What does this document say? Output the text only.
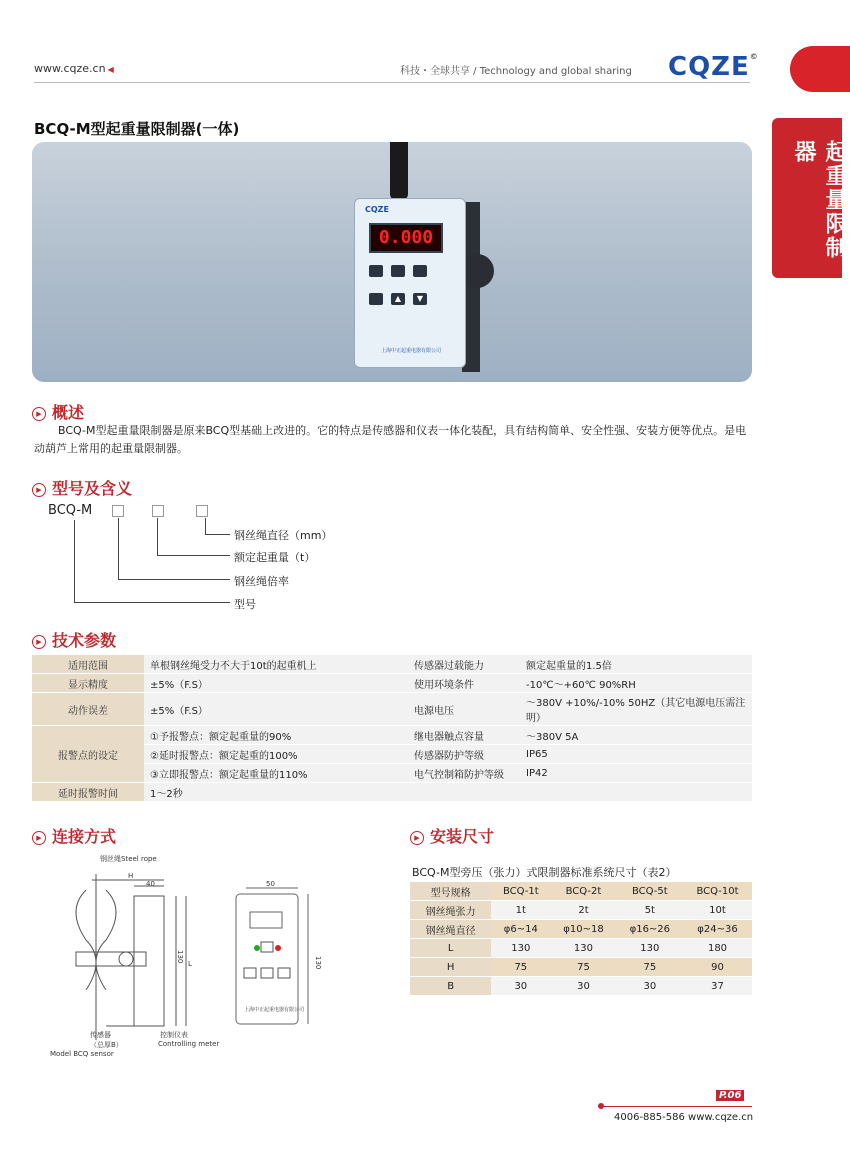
www.cqze.cn ◀	科技・全球共享 / Technology and global sharing CQZE©
起重量限制器
BCQ-M型起重量限制器(一体)
CQZE
0.000
▲	▼
上海中正起重电器有限公司
▶ 概述
BCQ-M型起重量限制器是原来BCQ型基础上改进的。它的特点是传感器和仪表一体化装配，具有结构简单、安全性强、安装方便等优点。是电动葫芦上常用的起重量限制器。
▶ 型号及含义
BCQ-M
钢丝绳直径（mm）
额定起重量（t）
钢丝绳倍率
型号
▶ 技术参数
适用范围	单根钢丝绳受力不大于10t的起重机上	传感器过载能力	额定起重量的1.5倍
显示精度	±5%（F.S）	使用环境条件	-10℃～+60℃ 90%RH
动作误差	±5%（F.S）	电源电压	～380V +10%/-10% 50HZ（其它电源电压需注明）
报警点的设定	①予报警点：额定起重量的90%	继电器触点容量	～380V 5A
	②延时报警点：额定起重的100%	传感器防护等级	IP65
	③立即报警点：额定起重量的110%	电气控制箱防护等级	IP42
延时报警时间	1～2秒		
▶ 连接方式
钢丝绳Steel rope
H
40
130
L
传感器
（总厚B）
Model BCQ sensor
控制仪表
Controlling meter
50
130
上海中正起重电器有限公司
▶ 安装尺寸
BCQ-M型旁压（张力）式限制器标准系统尺寸（表2）
型号规格	BCQ-1t	BCQ-2t	BCQ-5t	BCQ-10t
钢丝绳张力	1t	2t	5t	10t
钢丝绳直径	φ6~14	φ10~18	φ16~26	φ24~36
L	130	130	130	180
H	75	75	75	90
B	30	30	30	37
P.06
4006-885-586 www.cqze.cn
